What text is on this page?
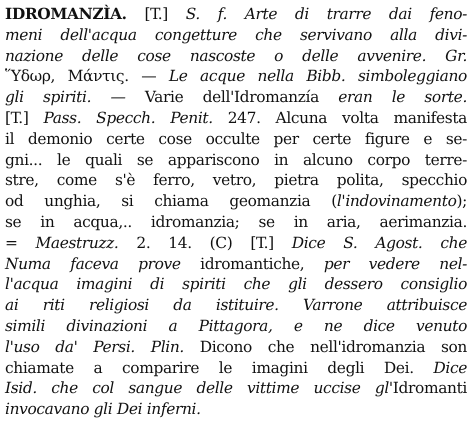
IDROMANZÌA. [T.] S. f. Arte di trarre dai feno-
meni dell'acqua congetture che servivano alla divi-
nazione delle cose nascoste o delle avvenire. Gr.
Ὕδωρ, Μάντις. — Le acque nella Bibb. simboleggiano
gli spiriti. — Varie dell'Idromanzía eran le sorte.
[T.] Pass. Specch. Penit. 247. Alcuna volta manifesta
il demonio certe cose occulte per certe figure e se-
gni... le quali se appariscono in alcuno corpo terre-
stre, come s'è ferro, vetro, pietra polita, specchio
od unghia, si chiama geomanzia (l'indovinamento);
se in acqua,.. idromanzia; se in aria, aerimanzia.
= Maestruzz. 2. 14. (C) [T.] Dice S. Agost. che
Numa faceva prove idromantiche, per vedere nel-
l'acqua imagini di spiriti che gli dessero consiglio
ai riti religiosi da istituire. Varrone attribuisce
simili divinazioni a Pittagora, e ne dice venuto
l'uso da' Persi. Plin. Dicono che nell'idromanzia son
chiamate a comparire le imagini degli Dei. Dice
Isid. che col sangue delle vittime uccise gl'Idromanti
invocavano gli Dei inferni.
